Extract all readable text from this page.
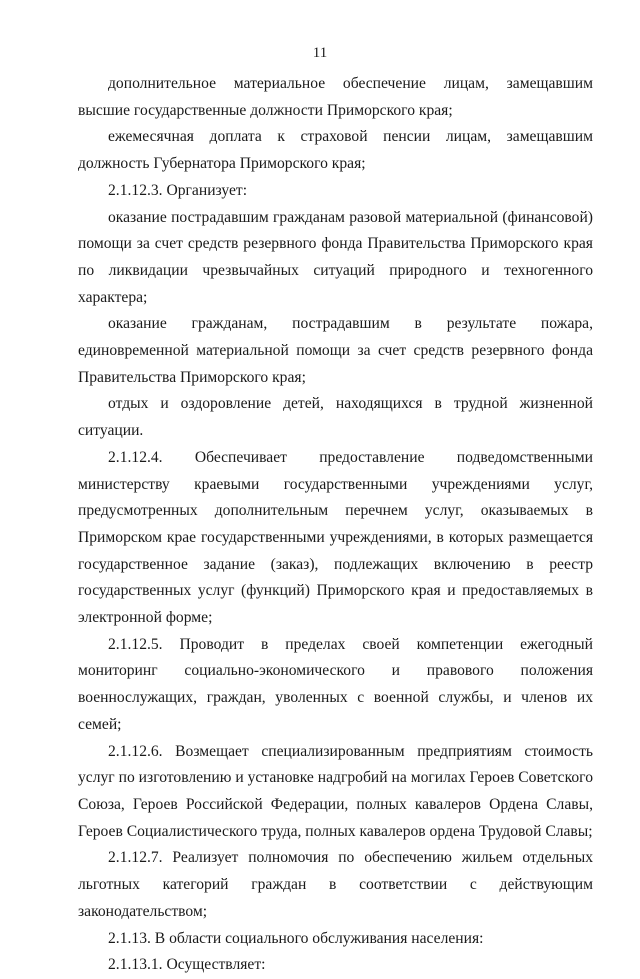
11

дополнительное материальное обеспечение лицам, замещавшим высшие государственные должности Приморского края;

ежемесячная доплата к страховой пенсии лицам, замещавшим должность Губернатора Приморского края;

2.1.12.3. Организует:

оказание пострадавшим гражданам разовой материальной (финансовой) помощи за счет средств резервного фонда Правительства Приморского края по ликвидации чрезвычайных ситуаций природного и техногенного характера;

оказание гражданам, пострадавшим в результате пожара, единовременной материальной помощи за счет средств резервного фонда Правительства Приморского края;

отдых и оздоровление детей, находящихся в трудной жизненной ситуации.

2.1.12.4. Обеспечивает предоставление подведомственными министерству краевыми государственными учреждениями услуг, предусмотренных дополнительным перечнем услуг, оказываемых в Приморском крае государственными учреждениями, в которых размещается государственное задание (заказ), подлежащих включению в реестр государственных услуг (функций) Приморского края и предоставляемых в электронной форме;

2.1.12.5. Проводит в пределах своей компетенции ежегодный мониторинг социально-экономического и правового положения военнослужащих, граждан, уволенных с военной службы, и членов их семей;

2.1.12.6. Возмещает специализированным предприятиям стоимость услуг по изготовлению и установке надгробий на могилах Героев Советского Союза, Героев Российской Федерации, полных кавалеров Ордена Славы, Героев Социалистического труда, полных кавалеров ордена Трудовой Славы;

2.1.12.7. Реализует полномочия по обеспечению жильем отдельных льготных категорий граждан в соответствии с действующим законодательством;

2.1.13. В области социального обслуживания населения:

2.1.13.1. Осуществляет:
